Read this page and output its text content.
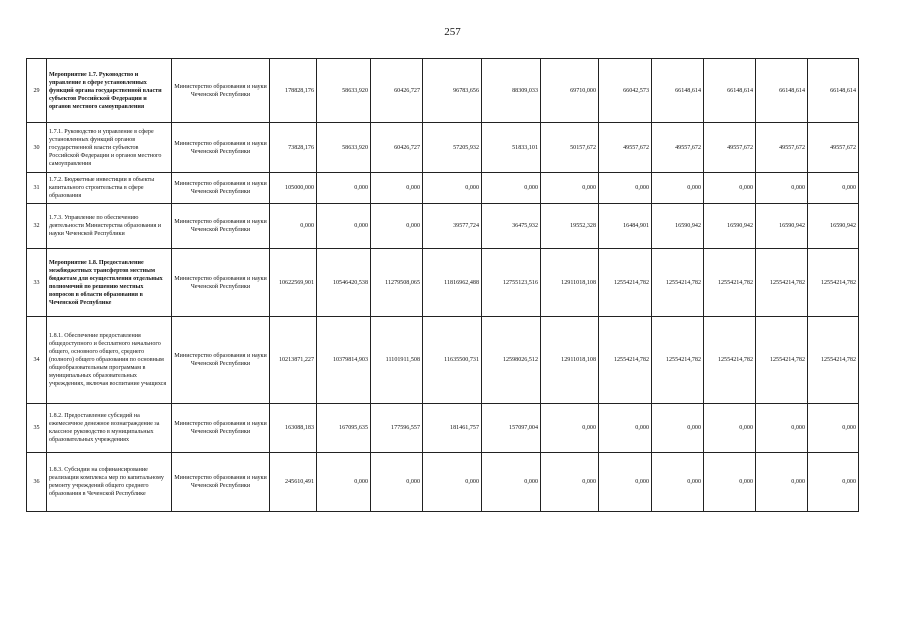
257
29	Мероприятие 1.7. Руководство и управление в сфере установленных функций органа государственной власти субъектов Российской Федерации и органов местного самоуправления	Министерство образования и науки Чеченской Республики	178828,176	58633,920	60426,727	96783,656	88309,033	69710,000	66042,573	66148,614	66148,614	66148,614	66148,614
30	1.7.1. Руководство и управление в сфере установленных функций органов государственной власти субъектов Российской Федерации и органов местного самоуправления	Министерство образования и науки Чеченской Республики	73828,176	58633,920	60426,727	57205,932	51833,101	50157,672	49557,672	49557,672	49557,672	49557,672	49557,672
31	1.7.2. Бюджетные инвестиции в объекты капитального строительства в сфере образования	Министерство образования и науки Чеченской Республики	105000,000	0,000	0,000	0,000	0,000	0,000	0,000	0,000	0,000	0,000	0,000
32	1.7.3. Управление по обеспечению деятельности Министерства образования и науки Чеченской Республики	Министерство образования и науки Чеченской Республики	0,000	0,000	0,000	39577,724	36475,932	19552,328	16484,901	16590,942	16590,942	16590,942	16590,942
33	Мероприятие 1.8. Предоставление межбюджетных трансфертов местным бюджетам для осуществления отдельных полномочий по решению местных вопросов в области образования в Чеченской Республике	Министерство образования и науки Чеченской Республики	10622569,901	10546420,538	11279508,065	11816962,488	12755123,516	12911018,108	12554214,782	12554214,782	12554214,782	12554214,782	12554214,782
34	1.8.1. Обеспечение предоставления общедоступного и бесплатного начального общего, основного общего, среднего (полного) общего образования по основным общеобразовательным программам в муниципальных образовательных учреждениях, включая воспитание учащихся	Министерство образования и науки Чеченской Республики	10213871,227	10379814,903	11101911,508	11635500,731	12598026,512	12911018,108	12554214,782	12554214,782	12554214,782	12554214,782	12554214,782
35	1.8.2. Предоставление субсидий на ежемесячное денежное вознаграждение за классное руководство в муниципальных образовательных учреждениях	Министерство образования и науки Чеченской Республики	163088,183	167095,635	177596,557	181461,757	157097,004	0,000	0,000	0,000	0,000	0,000	0,000
36	1.8.3. Субсидии на софинансирование реализации комплекса мер по капитальному ремонту учреждений общего среднего образования в Чеченской Республике	Министерство образования и науки Чеченской Республики	245610,491	0,000	0,000	0,000	0,000	0,000	0,000	0,000	0,000	0,000	0,000
